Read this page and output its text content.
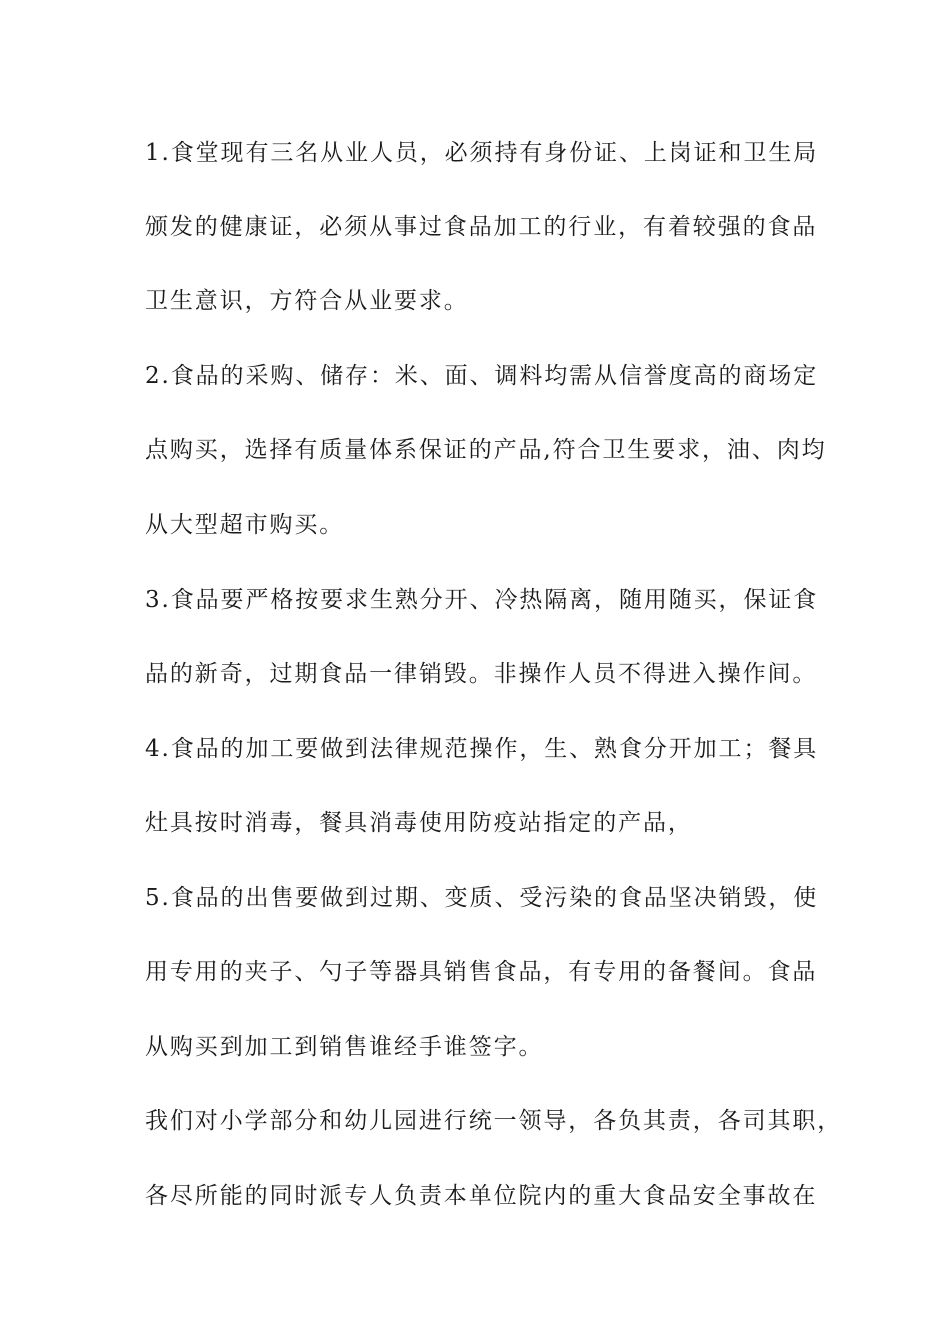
1.食堂现有三名从业人员，必须持有身份证、上岗证和卫生局
颁发的健康证，必须从事过食品加工的行业，有着较强的食品
卫生意识，方符合从业要求。
2.食品的采购、储存：米、面、调料均需从信誉度高的商场定
点购买，选择有质量体系保证的产品,符合卫生要求，油、肉均
从大型超市购买。
3.食品要严格按要求生熟分开、冷热隔离，随用随买，保证食
品的新奇，过期食品一律销毁。非操作人员不得进入操作间。
4.食品的加工要做到法律规范操作，生、熟食分开加工；餐具
灶具按时消毒，餐具消毒使用防疫站指定的产品，
5.食品的出售要做到过期、变质、受污染的食品坚决销毁，使
用专用的夹子、勺子等器具销售食品，有专用的备餐间。食品
从购买到加工到销售谁经手谁签字。
我们对小学部分和幼儿园进行统一领导，各负其责，各司其职，
各尽所能的同时派专人负责本单位院内的重大食品安全事故在
